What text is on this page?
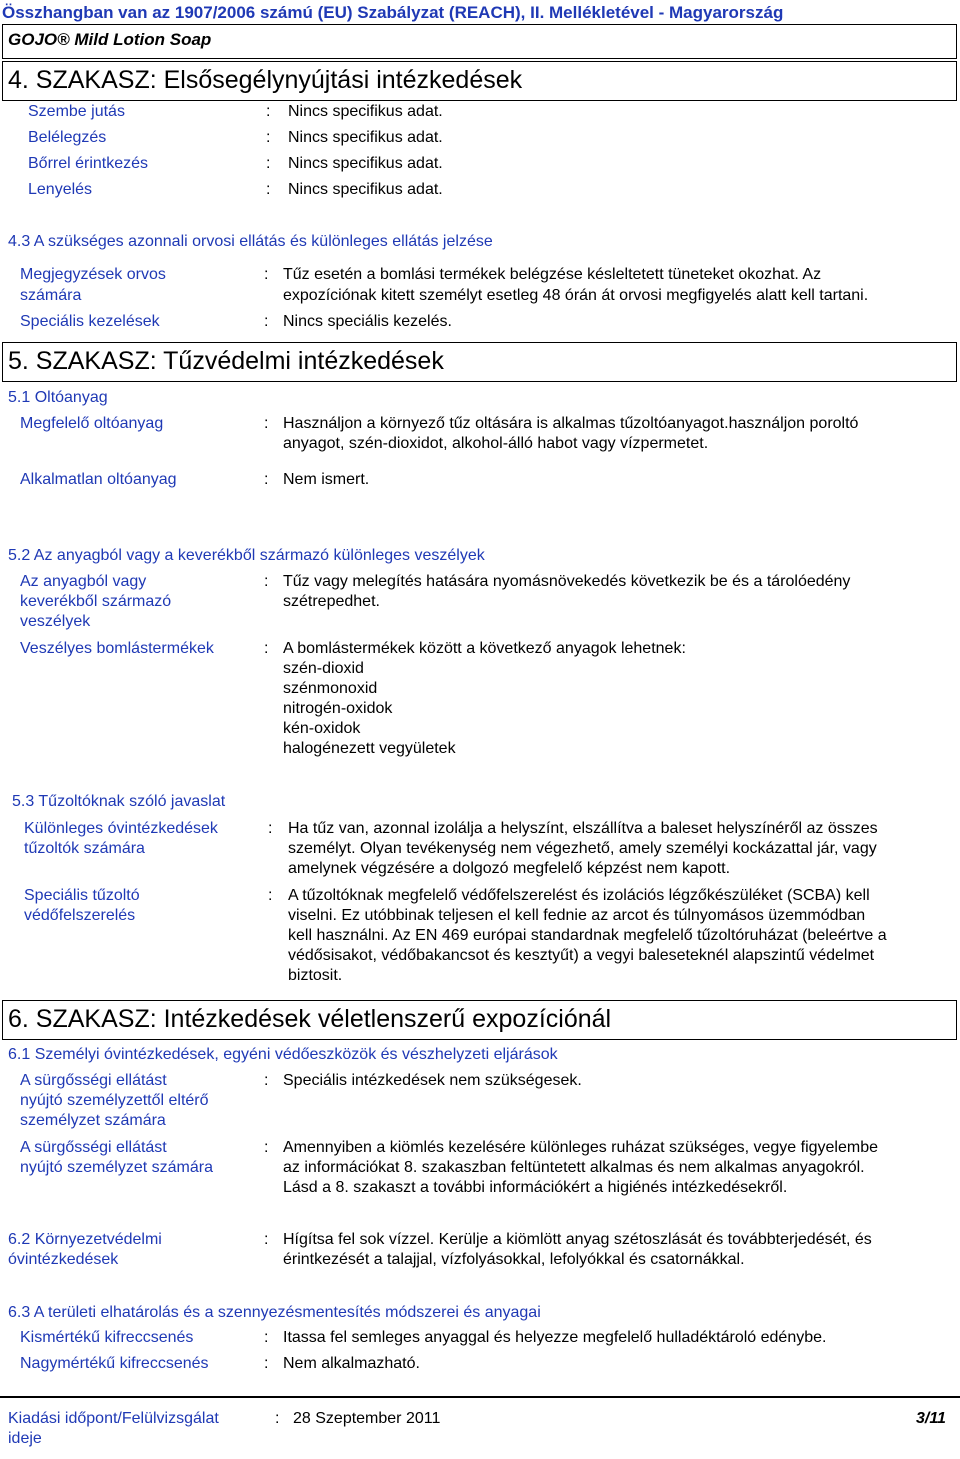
Összhangban van az 1907/2006 számú (EU) Szabályzat (REACH), II. Mellékletével - Magyarország
GOJO® Mild Lotion Soap
4. SZAKASZ: Elsősegélynyújtási intézkedések
Szembe jutás	: Nincs specifikus adat.
Belélegzés	: Nincs specifikus adat.
Bőrrel érintkezés	: Nincs specifikus adat.
Lenyelés	: Nincs specifikus adat.
4.3 A szükséges azonnali orvosi ellátás és különleges ellátás jelzése
Megjegyzések orvos
számára
: Tűz esetén a bomlási termékek belégzése késleltetett tüneteket okozhat. Az
expozíciónak kitett személyt esetleg 48 órán át orvosi megfigyelés alatt kell tartani.
Speciális kezelések	: Nincs speciális kezelés.
5. SZAKASZ: Tűzvédelmi intézkedések
5.1 Oltóanyag
Megfelelő oltóanyag	: Használjon a környező tűz oltására is alkalmas tűzoltóanyagot.használjon poroltó
anyagot, szén-dioxidot, alkohol-álló habot vagy vízpermetet.
Alkalmatlan oltóanyag	: Nem ismert.
5.2 Az anyagból vagy a keverékből származó különleges veszélyek
Az anyagból vagy
keverékből származó
veszélyek
: Tűz vagy melegítés hatására nyomásnövekedés következik be és a tárolóedény
szétrepedhet.
Veszélyes bomlástermékek	: A bomlástermékek között a következő anyagok lehetnek:
szén-dioxid
szénmonoxid
nitrogén-oxidok
kén-oxidok
halogénezett vegyületek
5.3 Tűzoltóknak szóló javaslat
Különleges óvintézkedések
tűzoltók számára
: Ha tűz van, azonnal izolálja a helyszínt, elszállítva a baleset helyszínéről az összes
személyt. Olyan tevékenység nem végezhető, amely személyi kockázattal jár, vagy
amelynek végzésére a dolgozó megfelelő képzést nem kapott.
Speciális tűzoltó
védőfelszerelés
: A tűzoltóknak megfelelő védőfelszerelést és izolációs légzőkészüléket (SCBA) kell
viselni. Ez utóbbinak teljesen el kell fednie az arcot és túlnyomásos üzemmódban
kell használni. Az EN 469 európai standardnak megfelelő tűzoltóruházat (beleértve a
védősisakot, védőbakancsot és kesztyűt) a vegyi baleseteknél alapszintű védelmet
biztosit.
6. SZAKASZ: Intézkedések véletlenszerű expozíciónál
6.1 Személyi óvintézkedések, egyéni védőeszközök és vészhelyzeti eljárások
A sürgősségi ellátást
nyújtó személyzettől eltérő
személyzet számára
: Speciális intézkedések nem szükségesek.
A sürgősségi ellátást
nyújtó személyzet számára
: Amennyiben a kiömlés kezelésére különleges ruházat szükséges, vegye figyelembe
az információkat 8. szakaszban feltüntetett alkalmas és nem alkalmas anyagokról.
Lásd a 8. szakaszt a további információkért a higiénés intézkedésekről.
6.2 Környezetvédelmi
óvintézkedések
: Hígítsa fel sok vízzel. Kerülje a kiömlött anyag szétoszlását és továbbterjedését, és
érintkezését a talajjal, vízfolyásokkal, lefolyókkal és csatornákkal.
6.3 A területi elhatárolás és a szennyezésmentesítés módszerei és anyagai
Kismértékű kifreccsenés	: Itassa fel semleges anyaggal és helyezze megfelelő hulladéktároló edénybe.
Nagymértékű kifreccsenés	: Nem alkalmazható.
Kiadási időpont/Felülvizsgálat
ideje
: 28 Szeptember 2011	3/11
